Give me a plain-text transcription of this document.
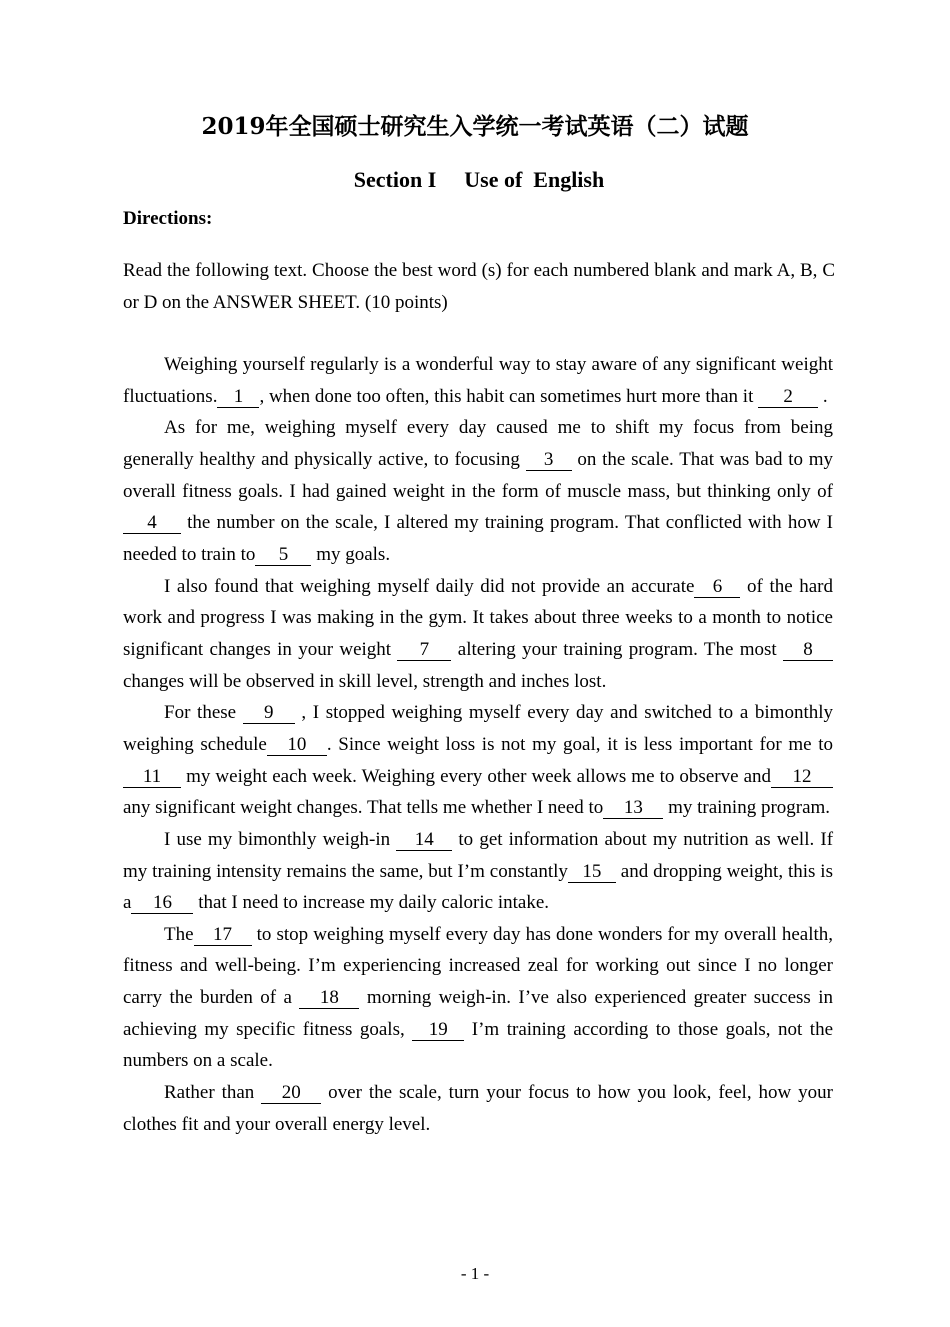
2019年全国硕士研究生入学统一考试英语（二）试题
Section I Use of  English
Directions:
Read the following text. Choose the best word (s) for each numbered blank and mark A, B, C or D on the ANSWER SHEET. (10 points)

Weighing yourself regularly is a wonderful way to stay aware of any significant weight fluctuations. 1 , when done too often, this habit can sometimes hurt more than it 2 .

As for me, weighing myself every day caused me to shift my focus from being generally healthy and physically active, to focusing 3 on the scale. That was bad to my overall fitness goals. I had gained weight in the form of muscle mass, but thinking only of4 the number on the scale, I altered my training program. That conflicted with how I needed to train to 5 my goals.

I also found that weighing myself daily did not provide an accurate 6 of the hard work and progress I was making in the gym. It takes about three weeks to a month to notice significant changes in your weight 7 altering your training program. The most 8 changes will be observed in skill level, strength and inches lost.

For these 9 , I stopped weighing myself every day and switched to a bimonthly weighing schedule 10 . Since weight loss is not my goal, it is less important for me to11 my weight each week. Weighing every other week allows me to observe and 12 any significant weight changes. That tells me whether I need to 13 my training program.

I use my bimonthly weigh-in 14 to get information about my nutrition as well. If my training intensity remains the same, but I’m constantly 15 and dropping weight, this is a 16 that I need to increase my daily caloric intake.

The 17 to stop weighing myself every day has done wonders for my overall health, fitness and well-being. I’m experiencing increased zeal for working out since I no longer carry the burden of a 18 morning weigh-in. I’ve also experienced greater success in achieving my specific fitness goals, 19 I’m training according to those goals, not the numbers on a scale.

Rather than 20 over the scale, turn your focus to how you look, feel, how your clothes fit and your overall energy level.

- 1 -
